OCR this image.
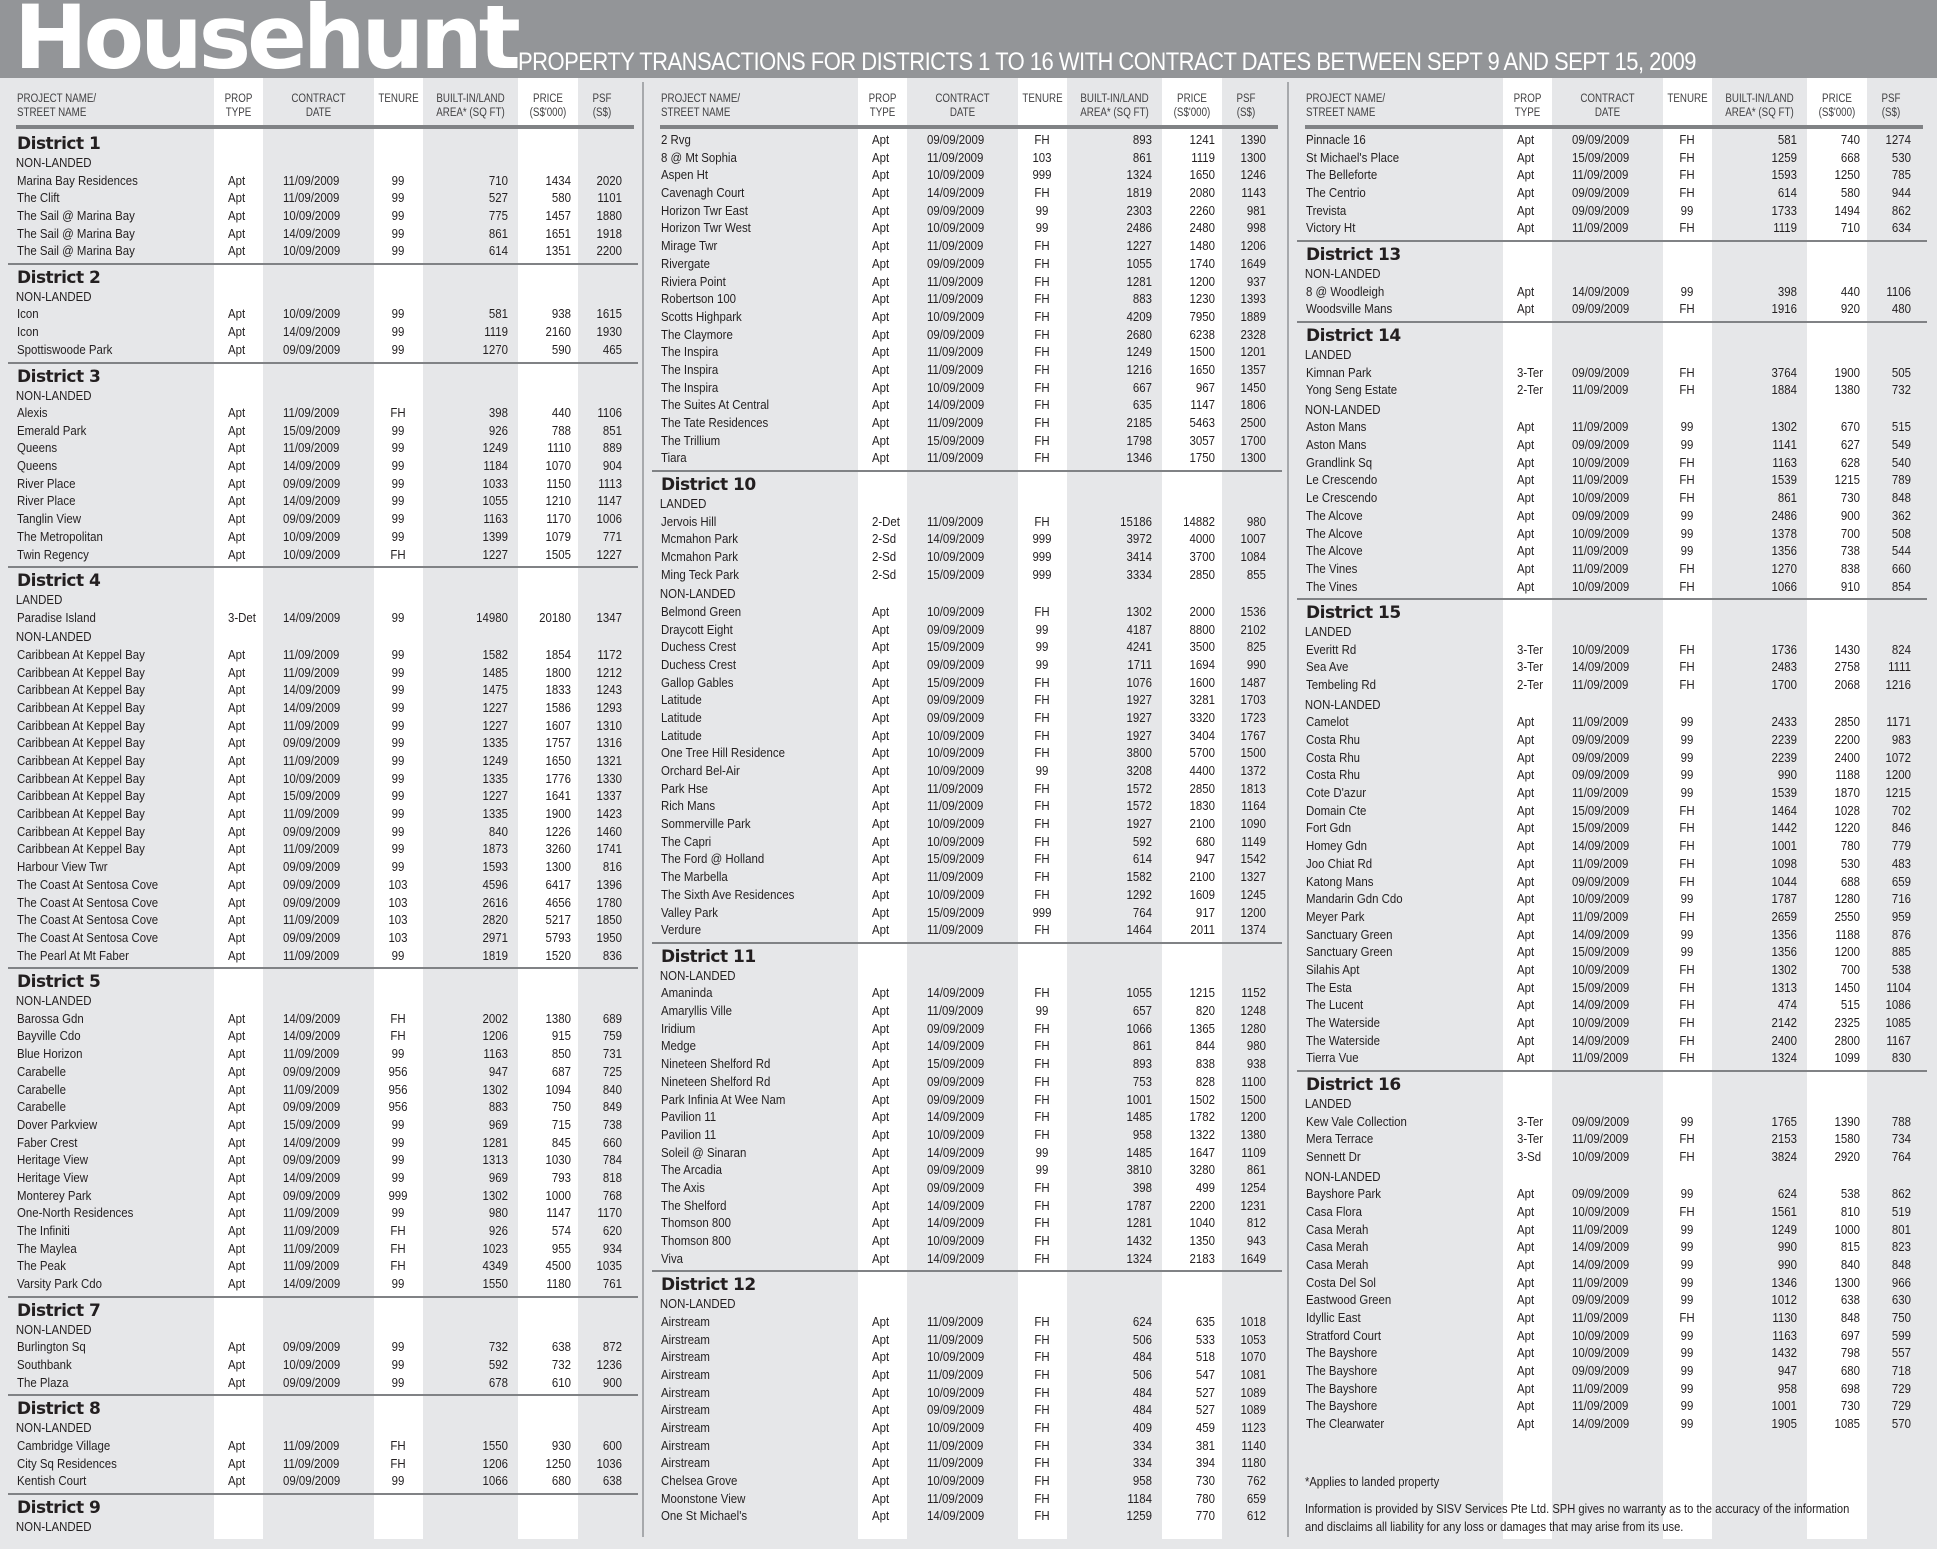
Househunt PROPERTY TRANSACTIONS FOR DISTRICTS 1 TO 16 WITH CONTRACT DATES BETWEEN SEPT 9 AND SEPT 15, 2009
PROJECT NAME/
STREET NAME
PROP
TYPE
CONTRACT
DATE
TENURE	BUILT-IN/LAND
AREA* (SQ FT)
PRICE
(S$'000)
PSF
(S$)
District 1
NON-LANDED
Marina Bay Residences	Apt	11/09/2009	99	710	1434	2020
The Clift	Apt	11/09/2009	99	527	580	1101
The Sail @ Marina Bay	Apt	10/09/2009	99	775	1457	1880
The Sail @ Marina Bay	Apt	14/09/2009	99	861	1651	1918
The Sail @ Marina Bay	Apt	10/09/2009	99	614	1351	2200
District 2
NON-LANDED
Icon	Apt	10/09/2009	99	581	938	1615
Icon	Apt	14/09/2009	99	1119	2160	1930
Spottiswoode Park	Apt	09/09/2009	99	1270	590	465
District 3
NON-LANDED
Alexis	Apt	11/09/2009	FH	398	440	1106
Emerald Park	Apt	15/09/2009	99	926	788	851
Queens	Apt	11/09/2009	99	1249	1110	889
Queens	Apt	14/09/2009	99	1184	1070	904
River Place	Apt	09/09/2009	99	1033	1150	1113
River Place	Apt	14/09/2009	99	1055	1210	1147
Tanglin View	Apt	09/09/2009	99	1163	1170	1006
The Metropolitan	Apt	10/09/2009	99	1399	1079	771
Twin Regency	Apt	10/09/2009	FH	1227	1505	1227
District 4
LANDED
Paradise Island	3-Det 14/09/2009	99	14980	20180	1347
NON-LANDED
Caribbean At Keppel Bay	Apt	11/09/2009	99	1582	1854	1172
Caribbean At Keppel Bay	Apt	11/09/2009	99	1485	1800	1212
Caribbean At Keppel Bay	Apt	14/09/2009	99	1475	1833	1243
Caribbean At Keppel Bay	Apt	14/09/2009	99	1227	1586	1293
Caribbean At Keppel Bay	Apt	11/09/2009	99	1227	1607	1310
Caribbean At Keppel Bay	Apt	09/09/2009	99	1335	1757	1316
Caribbean At Keppel Bay	Apt	11/09/2009	99	1249	1650	1321
Caribbean At Keppel Bay	Apt	10/09/2009	99	1335	1776	1330
Caribbean At Keppel Bay	Apt	15/09/2009	99	1227	1641	1337
Caribbean At Keppel Bay	Apt	11/09/2009	99	1335	1900	1423
Caribbean At Keppel Bay	Apt	09/09/2009	99	840	1226	1460
Caribbean At Keppel Bay	Apt	11/09/2009	99	1873	3260	1741
Harbour View Twr	Apt	09/09/2009	99	1593	1300	816
The Coast At Sentosa Cove	Apt	09/09/2009	103	4596	6417	1396
The Coast At Sentosa Cove	Apt	09/09/2009	103	2616	4656	1780
The Coast At Sentosa Cove	Apt	11/09/2009	103	2820	5217	1850
The Coast At Sentosa Cove	Apt	09/09/2009	103	2971	5793	1950
The Pearl At Mt Faber	Apt	11/09/2009	99	1819	1520	836
District 5
NON-LANDED
Barossa Gdn	Apt	14/09/2009	FH	2002	1380	689
Bayville Cdo	Apt	14/09/2009	FH	1206	915	759
Blue Horizon	Apt	11/09/2009	99	1163	850	731
Carabelle	Apt	09/09/2009	956	947	687	725
Carabelle	Apt	11/09/2009	956	1302	1094	840
Carabelle	Apt	09/09/2009	956	883	750	849
Dover Parkview	Apt	15/09/2009	99	969	715	738
Faber Crest	Apt	14/09/2009	99	1281	845	660
Heritage View	Apt	09/09/2009	99	1313	1030	784
Heritage View	Apt	14/09/2009	99	969	793	818
Monterey Park	Apt	09/09/2009	999	1302	1000	768
One-North Residences	Apt	11/09/2009	99	980	1147	1170
The Infiniti	Apt	11/09/2009	FH	926	574	620
The Maylea	Apt	11/09/2009	FH	1023	955	934
The Peak	Apt	11/09/2009	FH	4349	4500	1035
Varsity Park Cdo	Apt	14/09/2009	99	1550	1180	761
District 7
NON-LANDED
Burlington Sq	Apt	09/09/2009	99	732	638	872
Southbank	Apt	10/09/2009	99	592	732	1236
The Plaza	Apt	09/09/2009	99	678	610	900
District 8
NON-LANDED
Cambridge Village	Apt	11/09/2009	FH	1550	930	600
City Sq Residences	Apt	11/09/2009	FH	1206	1250	1036
Kentish Court	Apt	09/09/2009	99	1066	680	638
District 9
NON-LANDED
PROJECT NAME/
STREET NAME
PROP
TYPE
CONTRACT
DATE
TENURE	BUILT-IN/LAND
AREA* (SQ FT)
PRICE
(S$'000)
PSF
(S$)
2 Rvg	Apt	09/09/2009	FH	893	1241	1390
8 @ Mt Sophia	Apt	11/09/2009	103	861	1119	1300
Aspen Ht	Apt	10/09/2009	999	1324	1650	1246
Cavenagh Court	Apt	14/09/2009	FH	1819	2080	1143
Horizon Twr East	Apt	09/09/2009	99	2303	2260	981
Horizon Twr West	Apt	10/09/2009	99	2486	2480	998
Mirage Twr	Apt	11/09/2009	FH	1227	1480	1206
Rivergate	Apt	09/09/2009	FH	1055	1740	1649
Riviera Point	Apt	11/09/2009	FH	1281	1200	937
Robertson 100	Apt	11/09/2009	FH	883	1230	1393
Scotts Highpark	Apt	10/09/2009	FH	4209	7950	1889
The Claymore	Apt	09/09/2009	FH	2680	6238	2328
The Inspira	Apt	11/09/2009	FH	1249	1500	1201
The Inspira	Apt	11/09/2009	FH	1216	1650	1357
The Inspira	Apt	10/09/2009	FH	667	967	1450
The Suites At Central	Apt	14/09/2009	FH	635	1147	1806
The Tate Residences	Apt	11/09/2009	FH	2185	5463	2500
The Trillium	Apt	15/09/2009	FH	1798	3057	1700
Tiara	Apt	11/09/2009	FH	1346	1750	1300
District 10
LANDED
Jervois Hill	2-Det 11/09/2009	FH	15186	14882	980
Mcmahon Park	2-Sd 14/09/2009	999	3972	4000	1007
Mcmahon Park	2-Sd 10/09/2009	999	3414	3700	1084
Ming Teck Park	2-Sd 15/09/2009	999	3334	2850	855
NON-LANDED
Belmond Green	Apt	10/09/2009	FH	1302	2000	1536
Draycott Eight	Apt	09/09/2009	99	4187	8800	2102
Duchess Crest	Apt	15/09/2009	99	4241	3500	825
Duchess Crest	Apt	09/09/2009	99	1711	1694	990
Gallop Gables	Apt	15/09/2009	FH	1076	1600	1487
Latitude	Apt	09/09/2009	FH	1927	3281	1703
Latitude	Apt	09/09/2009	FH	1927	3320	1723
Latitude	Apt	10/09/2009	FH	1927	3404	1767
One Tree Hill Residence	Apt	10/09/2009	FH	3800	5700	1500
Orchard Bel-Air	Apt	10/09/2009	99	3208	4400	1372
Park Hse	Apt	11/09/2009	FH	1572	2850	1813
Rich Mans	Apt	11/09/2009	FH	1572	1830	1164
Sommerville Park	Apt	10/09/2009	FH	1927	2100	1090
The Capri	Apt	10/09/2009	FH	592	680	1149
The Ford @ Holland	Apt	15/09/2009	FH	614	947	1542
The Marbella	Apt	11/09/2009	FH	1582	2100	1327
The Sixth Ave Residences	Apt	10/09/2009	FH	1292	1609	1245
Valley Park	Apt	15/09/2009	999	764	917	1200
Verdure	Apt	11/09/2009	FH	1464	2011	1374
District 11
NON-LANDED
Amaninda	Apt	14/09/2009	FH	1055	1215	1152
Amaryllis Ville	Apt	11/09/2009	99	657	820	1248
Iridium	Apt	09/09/2009	FH	1066	1365	1280
Medge	Apt	14/09/2009	FH	861	844	980
Nineteen Shelford Rd	Apt	15/09/2009	FH	893	838	938
Nineteen Shelford Rd	Apt	09/09/2009	FH	753	828	1100
Park Infinia At Wee Nam	Apt	09/09/2009	FH	1001	1502	1500
Pavilion 11	Apt	14/09/2009	FH	1485	1782	1200
Pavilion 11	Apt	10/09/2009	FH	958	1322	1380
Soleil @ Sinaran	Apt	14/09/2009	99	1485	1647	1109
The Arcadia	Apt	09/09/2009	99	3810	3280	861
The Axis	Apt	09/09/2009	FH	398	499	1254
The Shelford	Apt	14/09/2009	FH	1787	2200	1231
Thomson 800	Apt	14/09/2009	FH	1281	1040	812
Thomson 800	Apt	10/09/2009	FH	1432	1350	943
Viva	Apt	14/09/2009	FH	1324	2183	1649
District 12
NON-LANDED
Airstream	Apt	11/09/2009	FH	624	635	1018
Airstream	Apt	11/09/2009	FH	506	533	1053
Airstream	Apt	10/09/2009	FH	484	518	1070
Airstream	Apt	11/09/2009	FH	506	547	1081
Airstream	Apt	10/09/2009	FH	484	527	1089
Airstream	Apt	09/09/2009	FH	484	527	1089
Airstream	Apt	10/09/2009	FH	409	459	1123
Airstream	Apt	11/09/2009	FH	334	381	1140
Airstream	Apt	11/09/2009	FH	334	394	1180
Chelsea Grove	Apt	10/09/2009	FH	958	730	762
Moonstone View	Apt	11/09/2009	FH	1184	780	659
One St Michael's	Apt	14/09/2009	FH	1259	770	612
PROJECT NAME/
STREET NAME
PROP
TYPE
CONTRACT
DATE
TENURE	BUILT-IN/LAND
AREA* (SQ FT)
PRICE
(S$'000)
PSF
(S$)
Pinnacle 16	Apt	09/09/2009	FH	581	740	1274
St Michael's Place	Apt	15/09/2009	FH	1259	668	530
The Belleforte	Apt	11/09/2009	FH	1593	1250	785
The Centrio	Apt	09/09/2009	FH	614	580	944
Trevista	Apt	09/09/2009	99	1733	1494	862
Victory Ht	Apt	11/09/2009	FH	1119	710	634
District 13
NON-LANDED
8 @ Woodleigh	Apt	14/09/2009	99	398	440	1106
Woodsville Mans	Apt	09/09/2009	FH	1916	920	480
District 14
LANDED
Kimnan Park	3-Ter 09/09/2009	FH	3764	1900	505
Yong Seng Estate	2-Ter 11/09/2009	FH	1884	1380	732
NON-LANDED
Aston Mans	Apt	11/09/2009	99	1302	670	515
Aston Mans	Apt	09/09/2009	99	1141	627	549
Grandlink Sq	Apt	10/09/2009	FH	1163	628	540
Le Crescendo	Apt	11/09/2009	FH	1539	1215	789
Le Crescendo	Apt	10/09/2009	FH	861	730	848
The Alcove	Apt	09/09/2009	99	2486	900	362
The Alcove	Apt	10/09/2009	99	1378	700	508
The Alcove	Apt	11/09/2009	99	1356	738	544
The Vines	Apt	11/09/2009	FH	1270	838	660
The Vines	Apt	10/09/2009	FH	1066	910	854
District 15
LANDED
Everitt Rd	3-Ter 10/09/2009	FH	1736	1430	824
Sea Ave	3-Ter 14/09/2009	FH	2483	2758	1111
Tembeling Rd	2-Ter 11/09/2009	FH	1700	2068	1216
NON-LANDED
Camelot	Apt	11/09/2009	99	2433	2850	1171
Costa Rhu	Apt	09/09/2009	99	2239	2200	983
Costa Rhu	Apt	09/09/2009	99	2239	2400	1072
Costa Rhu	Apt	09/09/2009	99	990	1188	1200
Cote D'azur	Apt	11/09/2009	99	1539	1870	1215
Domain Cte	Apt	15/09/2009	FH	1464	1028	702
Fort Gdn	Apt	15/09/2009	FH	1442	1220	846
Homey Gdn	Apt	14/09/2009	FH	1001	780	779
Joo Chiat Rd	Apt	11/09/2009	FH	1098	530	483
Katong Mans	Apt	09/09/2009	FH	1044	688	659
Mandarin Gdn Cdo	Apt	10/09/2009	99	1787	1280	716
Meyer Park	Apt	11/09/2009	FH	2659	2550	959
Sanctuary Green	Apt	14/09/2009	99	1356	1188	876
Sanctuary Green	Apt	15/09/2009	99	1356	1200	885
Silahis Apt	Apt	10/09/2009	FH	1302	700	538
The Esta	Apt	15/09/2009	FH	1313	1450	1104
The Lucent	Apt	14/09/2009	FH	474	515	1086
The Waterside	Apt	10/09/2009	FH	2142	2325	1085
The Waterside	Apt	14/09/2009	FH	2400	2800	1167
Tierra Vue	Apt	11/09/2009	FH	1324	1099	830
District 16
LANDED
Kew Vale Collection	3-Ter 09/09/2009	99	1765	1390	788
Mera Terrace	3-Ter 11/09/2009	FH	2153	1580	734
Sennett Dr	3-Sd 10/09/2009	FH	3824	2920	764
NON-LANDED
Bayshore Park	Apt	09/09/2009	99	624	538	862
Casa Flora	Apt	10/09/2009	FH	1561	810	519
Casa Merah	Apt	11/09/2009	99	1249	1000	801
Casa Merah	Apt	14/09/2009	99	990	815	823
Casa Merah	Apt	14/09/2009	99	990	840	848
Costa Del Sol	Apt	11/09/2009	99	1346	1300	966
Eastwood Green	Apt	09/09/2009	99	1012	638	630
Idyllic East	Apt	11/09/2009	FH	1130	848	750
Stratford Court	Apt	10/09/2009	99	1163	697	599
The Bayshore	Apt	10/09/2009	99	1432	798	557
The Bayshore	Apt	09/09/2009	99	947	680	718
The Bayshore	Apt	11/09/2009	99	958	698	729
The Bayshore	Apt	11/09/2009	99	1001	730	729
The Clearwater	Apt	14/09/2009	99	1905	1085	570
*Applies to landed property
Information is provided by SISV Services Pte Ltd. SPH gives no warranty as to the accuracy of the information
and disclaims all liability for any loss or damages that may arise from its use.
